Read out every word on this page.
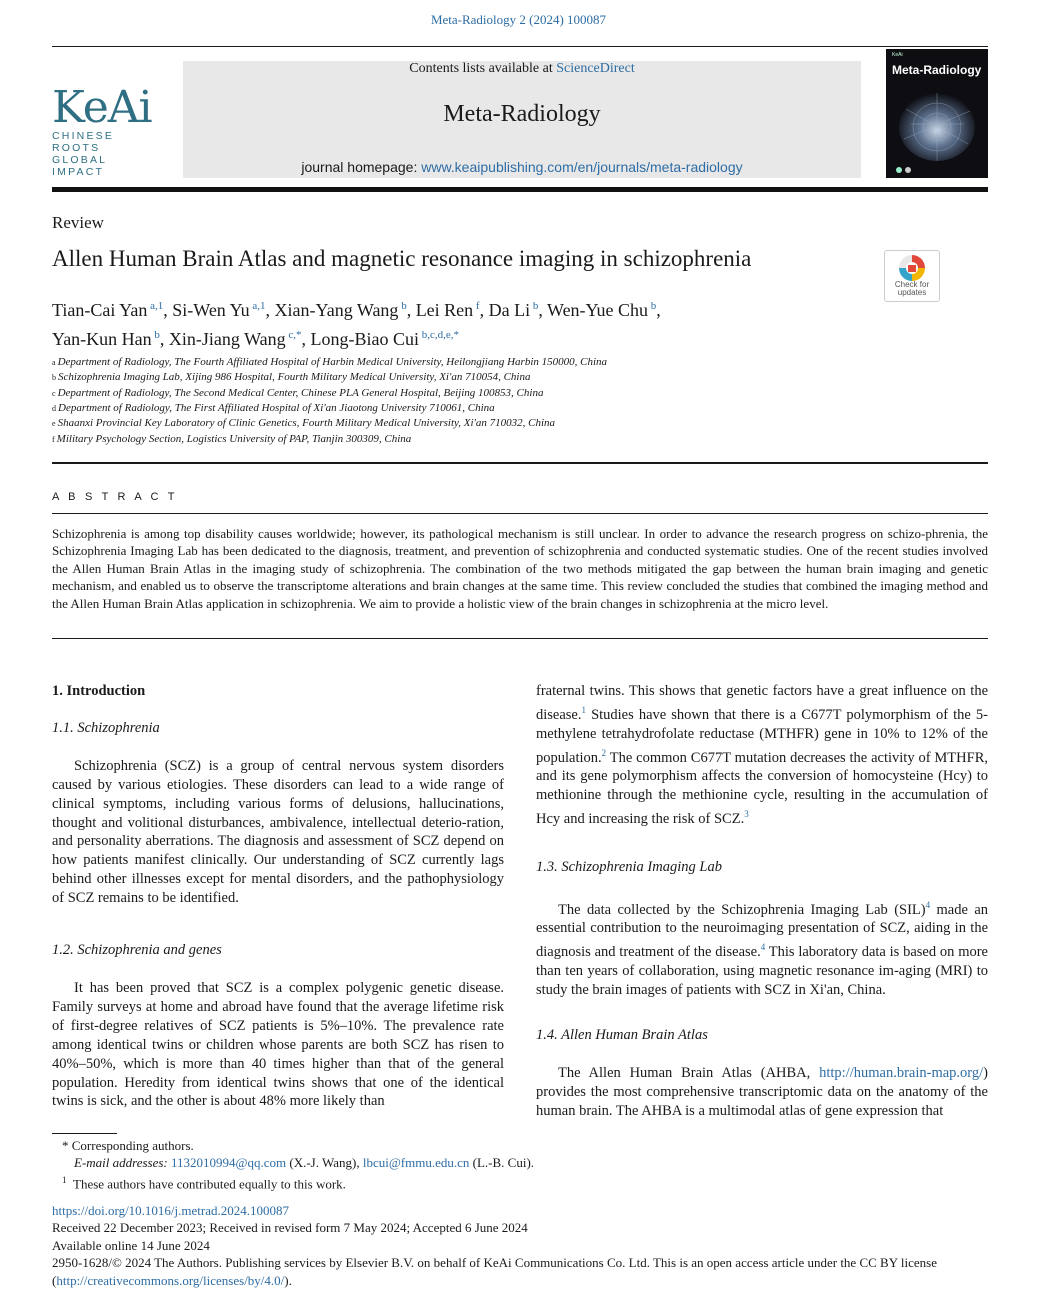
Meta-Radiology 2 (2024) 100087
KeAi
CHINESE ROOTS
GLOBAL IMPACT
Contents lists available at ScienceDirect
Meta-Radiology
journal homepage: www.keaipublishing.com/en/journals/meta-radiology
KeAi
Meta-Radiology
Review
Allen Human Brain Atlas and magnetic resonance imaging in schizophrenia
Check for
updates
Tian-Cai Yan $^{a,1}$, Si-Wen Yu $^{a,1}$, Xian-Yang Wang $^b$, Lei Ren $^f$, Da Li $^b$, Wen-Yue Chu $^b$,
Yan-Kun Han $^b$, Xin-Jiang Wang $^{c,*}$, Long-Biao Cui $^{b,c,d,e,*}$
$^a$ Department of Radiology, The Fourth Affiliated Hospital of Harbin Medical University, Heilongjiang Harbin 150000, China
$^b$ Schizophrenia Imaging Lab, Xijing 986 Hospital, Fourth Military Medical University, Xi'an 710054, China
$^c$ Department of Radiology, The Second Medical Center, Chinese PLA General Hospital, Beijing 100853, China
$^d$ Department of Radiology, The First Affiliated Hospital of Xi'an Jiaotong University 710061, China
$^e$ Shaanxi Provincial Key Laboratory of Clinic Genetics, Fourth Military Medical University, Xi'an 710032, China
$^f$ Military Psychology Section, Logistics University of PAP, Tianjin 300309, China
A B S T R A C T
Schizophrenia is among top disability causes worldwide; however, its pathological mechanism is still unclear. In order to advance the research progress on schizo-phrenia, the Schizophrenia Imaging Lab has been dedicated to the diagnosis, treatment, and prevention of schizophrenia and conducted systematic studies. One of the recent studies involved the Allen Human Brain Atlas in the imaging study of schizophrenia. The combination of the two methods mitigated the gap between the human brain imaging and genetic mechanism, and enabled us to observe the transcriptome alterations and brain changes at the same time. This review concluded the studies that combined the imaging method and the Allen Human Brain Atlas application in schizophrenia. We aim to provide a holistic view of the brain changes in schizophrenia at the micro level.
1. Introduction
1.1. Schizophrenia
Schizophrenia (SCZ) is a group of central nervous system disorders caused by various etiologies. These disorders can lead to a wide range of clinical symptoms, including various forms of delusions, hallucinations, thought and volitional disturbances, ambivalence, intellectual deterio-ration, and personality aberrations. The diagnosis and assessment of SCZ depend on how patients manifest clinically. Our understanding of SCZ currently lags behind other illnesses except for mental disorders, and the pathophysiology of SCZ remains to be identified.
1.2. Schizophrenia and genes
It has been proved that SCZ is a complex polygenic genetic disease. Family surveys at home and abroad have found that the average lifetime risk of first-degree relatives of SCZ patients is 5%–10%. The prevalence rate among identical twins or children whose parents are both SCZ has risen to 40%–50%, which is more than 40 times higher than that of the general population. Heredity from identical twins shows that one of the identical twins is sick, and the other is about 48% more likely than
fraternal twins. This shows that genetic factors have a great influence on the disease.$^1$ Studies have shown that there is a C677T polymorphism of the 5-methylene tetrahydrofolate reductase (MTHFR) gene in 10% to 12% of the population.$^2$ The common C677T mutation decreases the activity of MTHFR, and its gene polymorphism affects the conversion of homocysteine (Hcy) to methionine through the methionine cycle, resulting in the accumulation of Hcy and increasing the risk of SCZ.$^3$
1.3. Schizophrenia Imaging Lab
The data collected by the Schizophrenia Imaging Lab (SIL)$^4$ made an essential contribution to the neuroimaging presentation of SCZ, aiding in the diagnosis and treatment of the disease.$^4$ This laboratory data is based on more than ten years of collaboration, using magnetic resonance im-aging (MRI) to study the brain images of patients with SCZ in Xi'an, China.
1.4. Allen Human Brain Atlas
The Allen Human Brain Atlas (AHBA, http://human.brain-map.org/) provides the most comprehensive transcriptomic data on the anatomy of the human brain. The AHBA is a multimodal atlas of gene expression that
* Corresponding authors.
E-mail addresses: 1132010994@qq.com (X.-J. Wang), lbcui@fmmu.edu.cn (L.-B. Cui).
$^1$ These authors have contributed equally to this work.
https://doi.org/10.1016/j.metrad.2024.100087
Received 22 December 2023; Received in revised form 7 May 2024; Accepted 6 June 2024
Available online 14 June 2024
2950-1628/© 2024 The Authors. Publishing services by Elsevier B.V. on behalf of KeAi Communications Co. Ltd. This is an open access article under the CC BY license
(http://creativecommons.org/licenses/by/4.0/).
